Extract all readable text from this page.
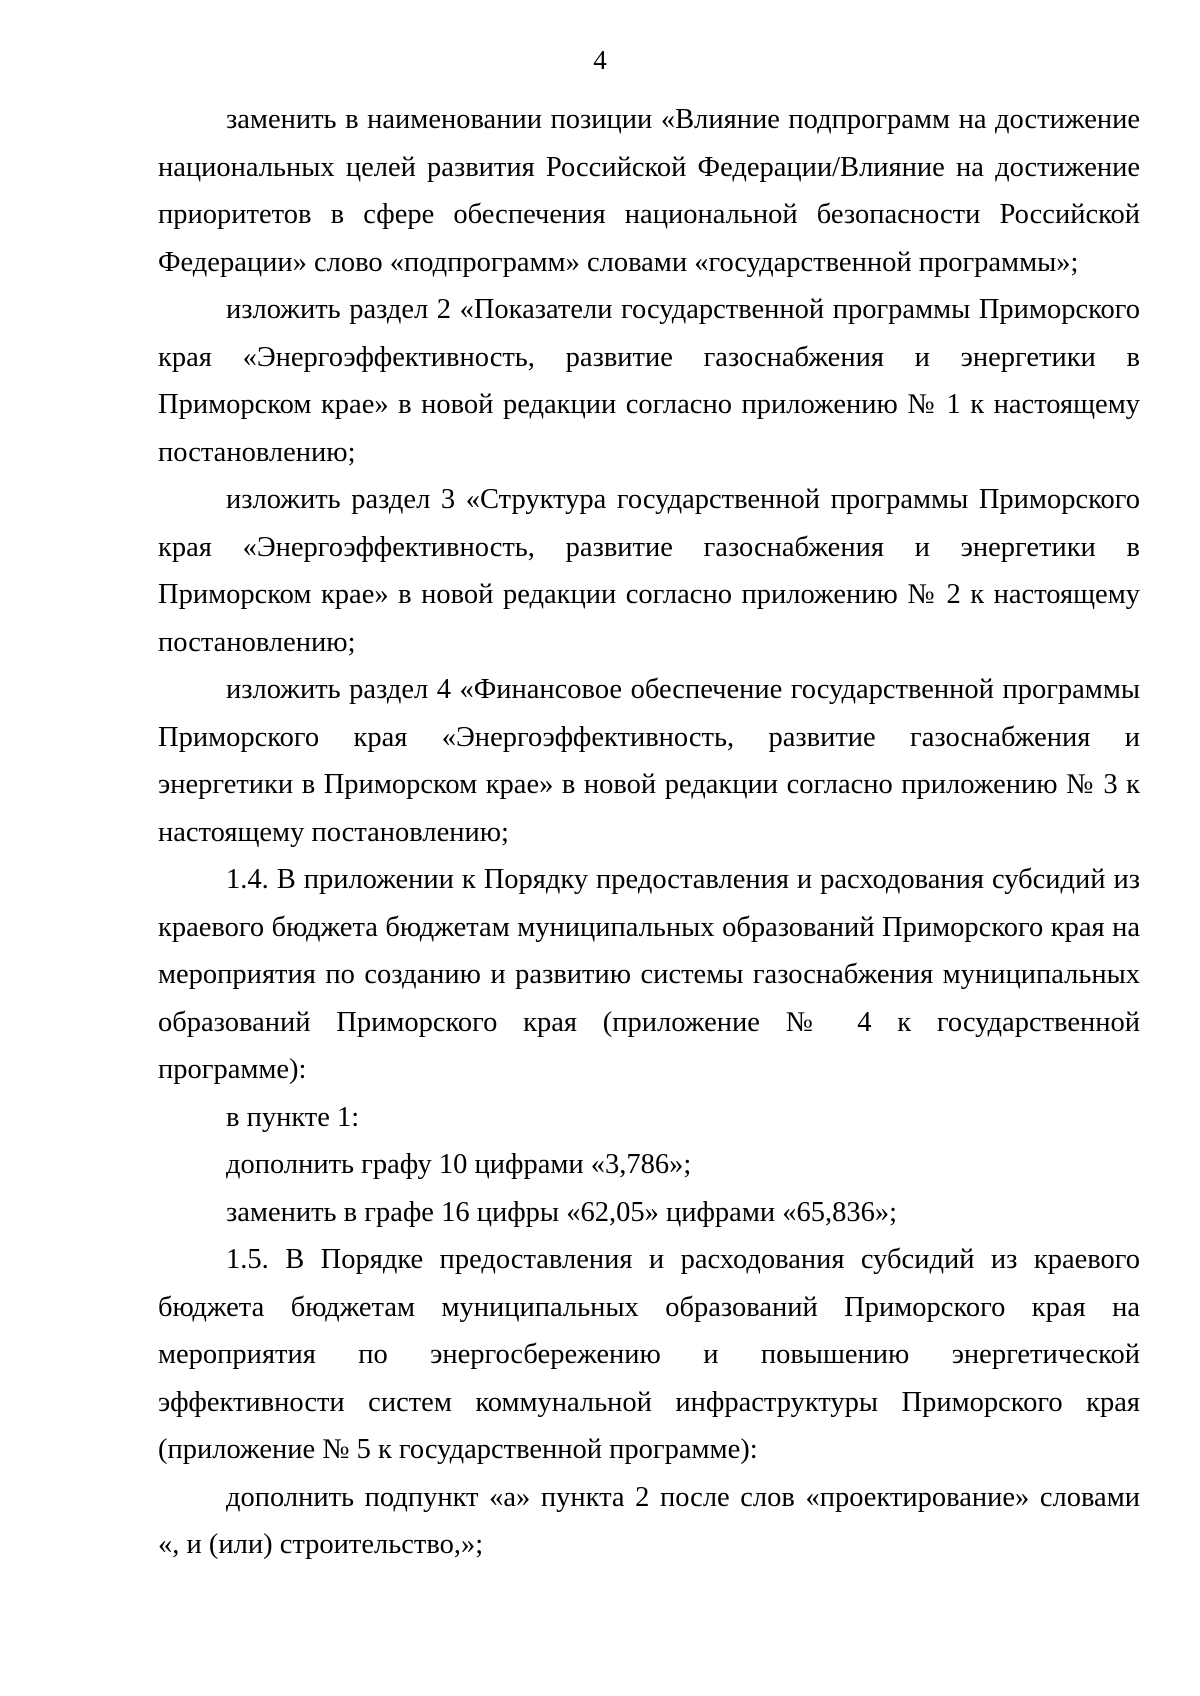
4

заменить в наименовании позиции «Влияние подпрограмм на достижение национальных целей развития Российской Федерации/Влияние на достижение приоритетов в сфере обеспечения национальной безопасности Российской Федерации» слово «подпрограмм» словами «государственной программы»;

изложить раздел 2 «Показатели государственной программы Приморского края «Энергоэффективность, развитие газоснабжения и энергетики в Приморском крае» в новой редакции согласно приложению № 1 к настоящему постановлению;

изложить раздел 3 «Структура государственной программы Приморского края «Энергоэффективность, развитие газоснабжения и энергетики в Приморском крае» в новой редакции согласно приложению № 2 к настоящему постановлению;

изложить раздел 4 «Финансовое обеспечение государственной программы Приморского края «Энергоэффективность, развитие газоснабжения и энергетики в Приморском крае» в новой редакции согласно приложению № 3 к настоящему постановлению;

1.4. В приложении к Порядку предоставления и расходования субсидий из краевого бюджета бюджетам муниципальных образований Приморского края на мероприятия по созданию и развитию системы газоснабжения муниципальных образований Приморского края (приложение № 4 к государственной программе):

в пункте 1:

дополнить графу 10 цифрами «3,786»;

заменить в графе 16 цифры «62,05» цифрами «65,836»;

1.5. В Порядке предоставления и расходования субсидий из краевого бюджета бюджетам муниципальных образований Приморского края на мероприятия по энергосбережению и повышению энергетической эффективности систем коммунальной инфраструктуры Приморского края (приложение № 5 к государственной программе):

дополнить подпункт «а» пункта 2 после слов «проектирование» словами «, и (или) строительство,»;
